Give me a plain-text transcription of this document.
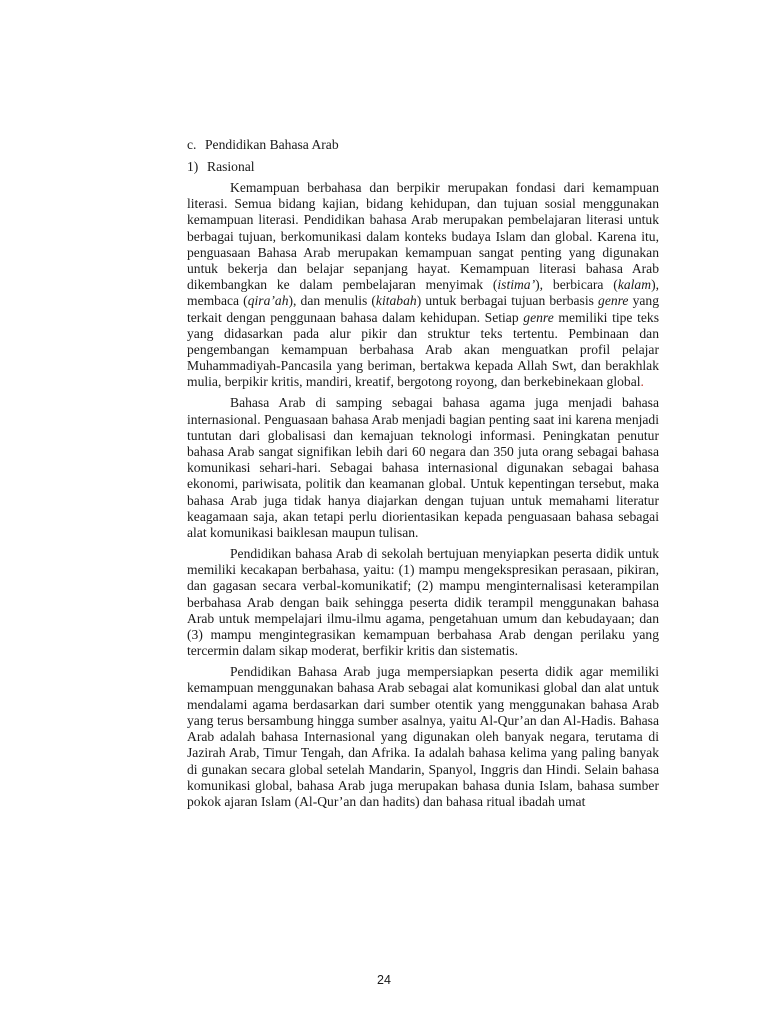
c. Pendidikan Bahasa Arab

1) Rasional

Kemampuan berbahasa dan berpikir merupakan fondasi dari kemampuan literasi. Semua bidang kajian, bidang kehidupan, dan tujuan sosial menggunakan kemampuan literasi. Pendidikan bahasa Arab merupakan pembelajaran literasi untuk berbagai tujuan, berkomunikasi dalam konteks budaya Islam dan global. Karena itu, penguasaan Bahasa Arab merupakan kemampuan sangat penting yang digunakan untuk bekerja dan belajar sepanjang hayat. Kemampuan literasi bahasa Arab dikembangkan ke dalam pembelajaran menyimak (istima’), berbicara (kalam), membaca (qira’ah), dan menulis (kitabah) untuk berbagai tujuan berbasis genre yang terkait dengan penggunaan bahasa dalam kehidupan. Setiap genre memiliki tipe teks yang didasarkan pada alur pikir dan struktur teks tertentu. Pembinaan dan pengembangan kemampuan berbahasa Arab akan menguatkan profil pelajar Muhammadiyah-Pancasila yang beriman, bertakwa kepada Allah Swt, dan berakhlak mulia, berpikir kritis, mandiri, kreatif, bergotong royong, dan berkebinekaan global.

Bahasa Arab di samping sebagai bahasa agama juga menjadi bahasa internasional. Penguasaan bahasa Arab menjadi bagian penting saat ini karena menjadi tuntutan dari globalisasi dan kemajuan teknologi informasi. Peningkatan penutur bahasa Arab sangat signifikan lebih dari 60 negara dan 350 juta orang sebagai bahasa komunikasi sehari-hari. Sebagai bahasa internasional digunakan sebagai bahasa ekonomi, pariwisata, politik dan keamanan global. Untuk kepentingan tersebut, maka bahasa Arab juga tidak hanya diajarkan dengan tujuan untuk memahami literatur keagamaan saja, akan tetapi perlu diorientasikan kepada penguasaan bahasa sebagai alat komunikasi baiklesan maupun tulisan.

Pendidikan bahasa Arab di sekolah bertujuan menyiapkan peserta didik untuk memiliki kecakapan berbahasa, yaitu: (1) mampu mengekspresikan perasaan, pikiran, dan gagasan secara verbal-komunikatif; (2) mampu menginternalisasi keterampilan berbahasa Arab dengan baik sehingga peserta didik terampil menggunakan bahasa Arab untuk mempelajari ilmu-ilmu agama, pengetahuan umum dan kebudayaan; dan (3) mampu mengintegrasikan kemampuan berbahasa Arab dengan perilaku yang tercermin dalam sikap moderat, berfikir kritis dan sistematis.

Pendidikan Bahasa Arab juga mempersiapkan peserta didik agar memiliki kemampuan menggunakan bahasa Arab sebagai alat komunikasi global dan alat untuk mendalami agama berdasarkan dari sumber otentik yang menggunakan bahasa Arab yang terus bersambung hingga sumber asalnya, yaitu Al-Qur’an dan Al-Hadis. Bahasa Arab adalah bahasa Internasional yang digunakan oleh banyak negara, terutama di Jazirah Arab, Timur Tengah, dan Afrika. Ia adalah bahasa kelima yang paling banyak di gunakan secara global setelah Mandarin, Spanyol, Inggris dan Hindi. Selain bahasa komunikasi global, bahasa Arab juga merupakan bahasa dunia Islam, bahasa sumber pokok ajaran Islam (Al-Qur’an dan hadits) dan bahasa ritual ibadah umat

24
